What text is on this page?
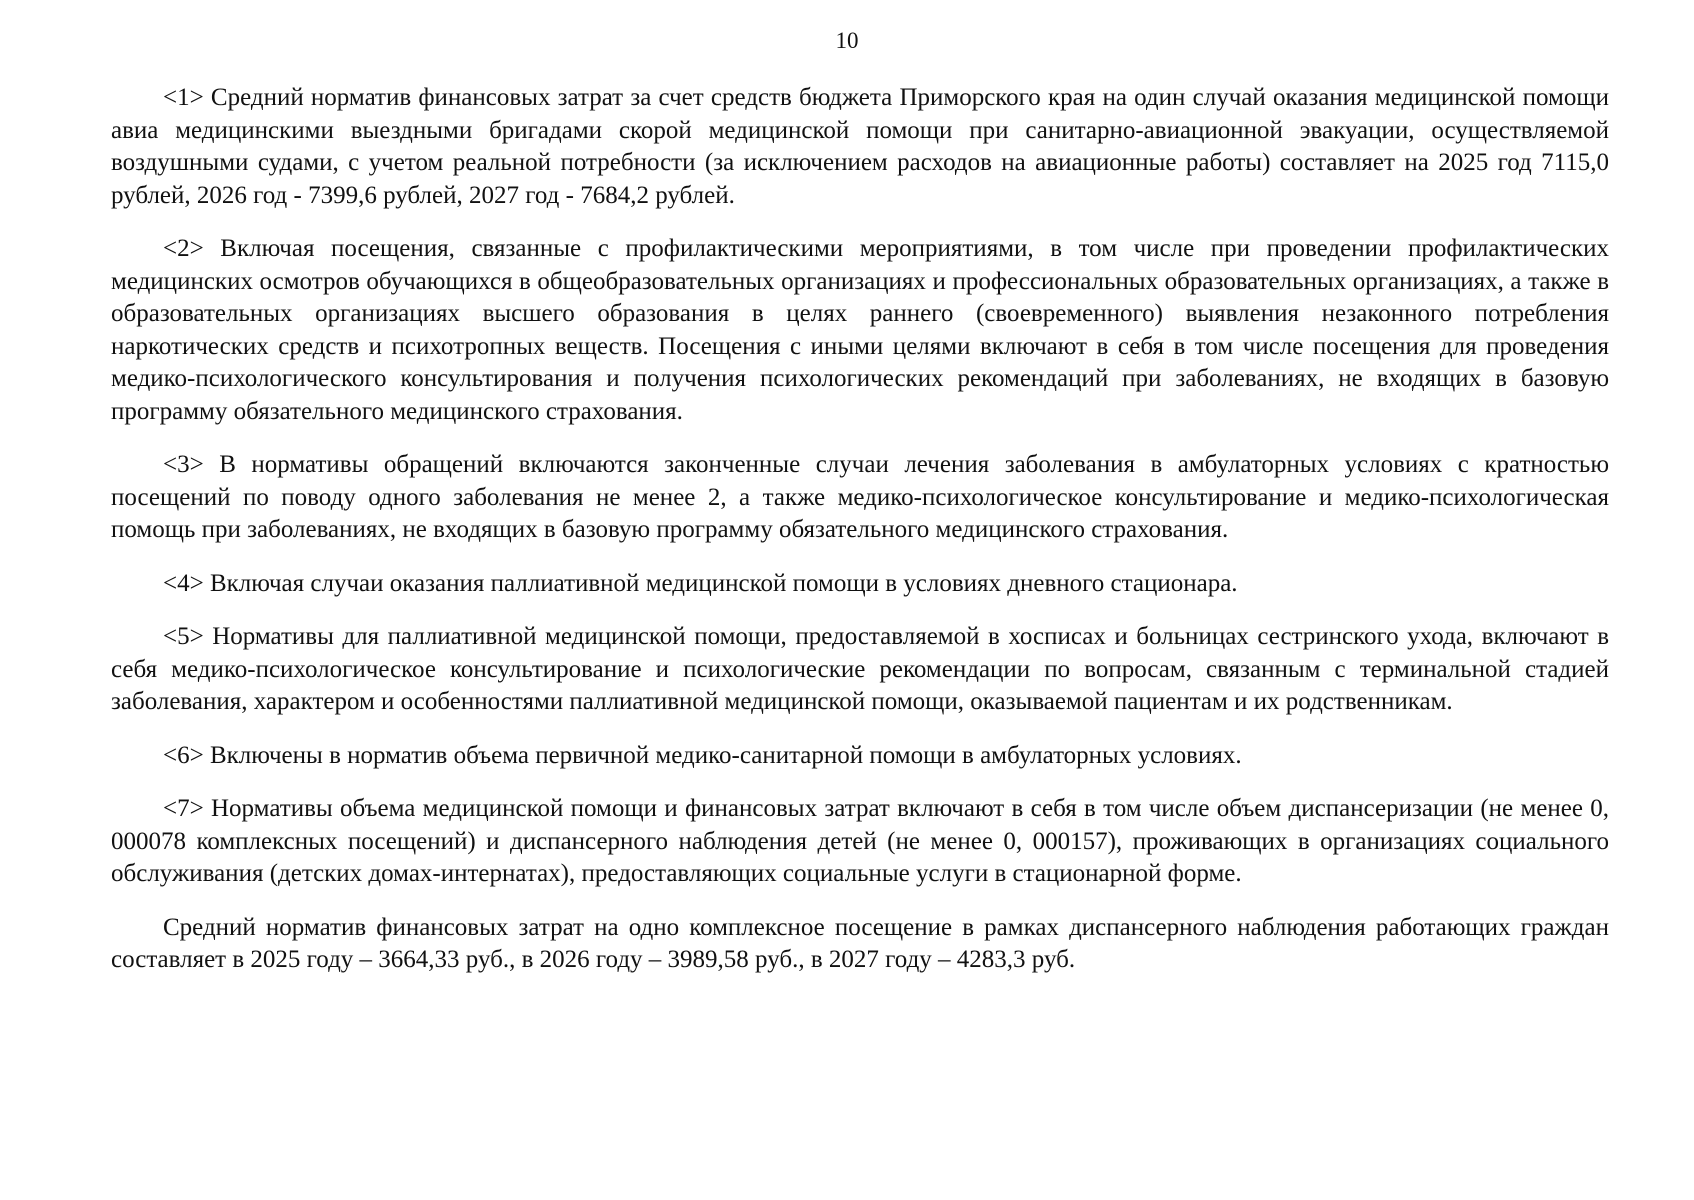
10

<1> Средний норматив финансовых затрат за счет средств бюджета Приморского края на один случай оказания медицинской помощи авиа медицинскими выездными бригадами скорой медицинской помощи при санитарно-авиационной эвакуации, осуществляемой воздушными судами, с учетом реальной потребности (за исключением расходов на авиационные работы) составляет на 2025 год 7115,0 рублей, 2026 год - 7399,6 рублей, 2027 год - 7684,2 рублей.

<2> Включая посещения, связанные с профилактическими мероприятиями, в том числе при проведении профилактических медицинских осмотров обучающихся в общеобразовательных организациях и профессиональных образовательных организациях, а также в образовательных организациях высшего образования в целях раннего (своевременного) выявления незаконного потребления наркотических средств и психотропных веществ. Посещения с иными целями включают в себя в том числе посещения для проведения медико-психологического консультирования и получения психологических рекомендаций при заболеваниях, не входящих в базовую программу обязательного медицинского страхования.

<3> В нормативы обращений включаются законченные случаи лечения заболевания в амбулаторных условиях с кратностью посещений по поводу одного заболевания не менее 2, а также медико-психологическое консультирование и медико-психологическая помощь при заболеваниях, не входящих в базовую программу обязательного медицинского страхования.

<4> Включая случаи оказания паллиативной медицинской помощи в условиях дневного стационара.

<5> Нормативы для паллиативной медицинской помощи, предоставляемой в хосписах и больницах сестринского ухода, включают в себя медико-психологическое консультирование и психологические рекомендации по вопросам, связанным с терминальной стадией заболевания, характером и особенностями паллиативной медицинской помощи, оказываемой пациентам и их родственникам.

<6> Включены в норматив объема первичной медико-санитарной помощи в амбулаторных условиях.

<7> Нормативы объема медицинской помощи и финансовых затрат включают в себя в том числе объем диспансеризации (не менее 0, 000078 комплексных посещений) и диспансерного наблюдения детей (не менее 0, 000157), проживающих в организациях социального обслуживания (детских домах-интернатах), предоставляющих социальные услуги в стационарной форме.

Средний норматив финансовых затрат на одно комплексное посещение в рамках диспансерного наблюдения работающих граждан составляет в 2025 году – 3664,33 руб., в 2026 году – 3989,58 руб., в 2027 году – 4283,3 руб.
